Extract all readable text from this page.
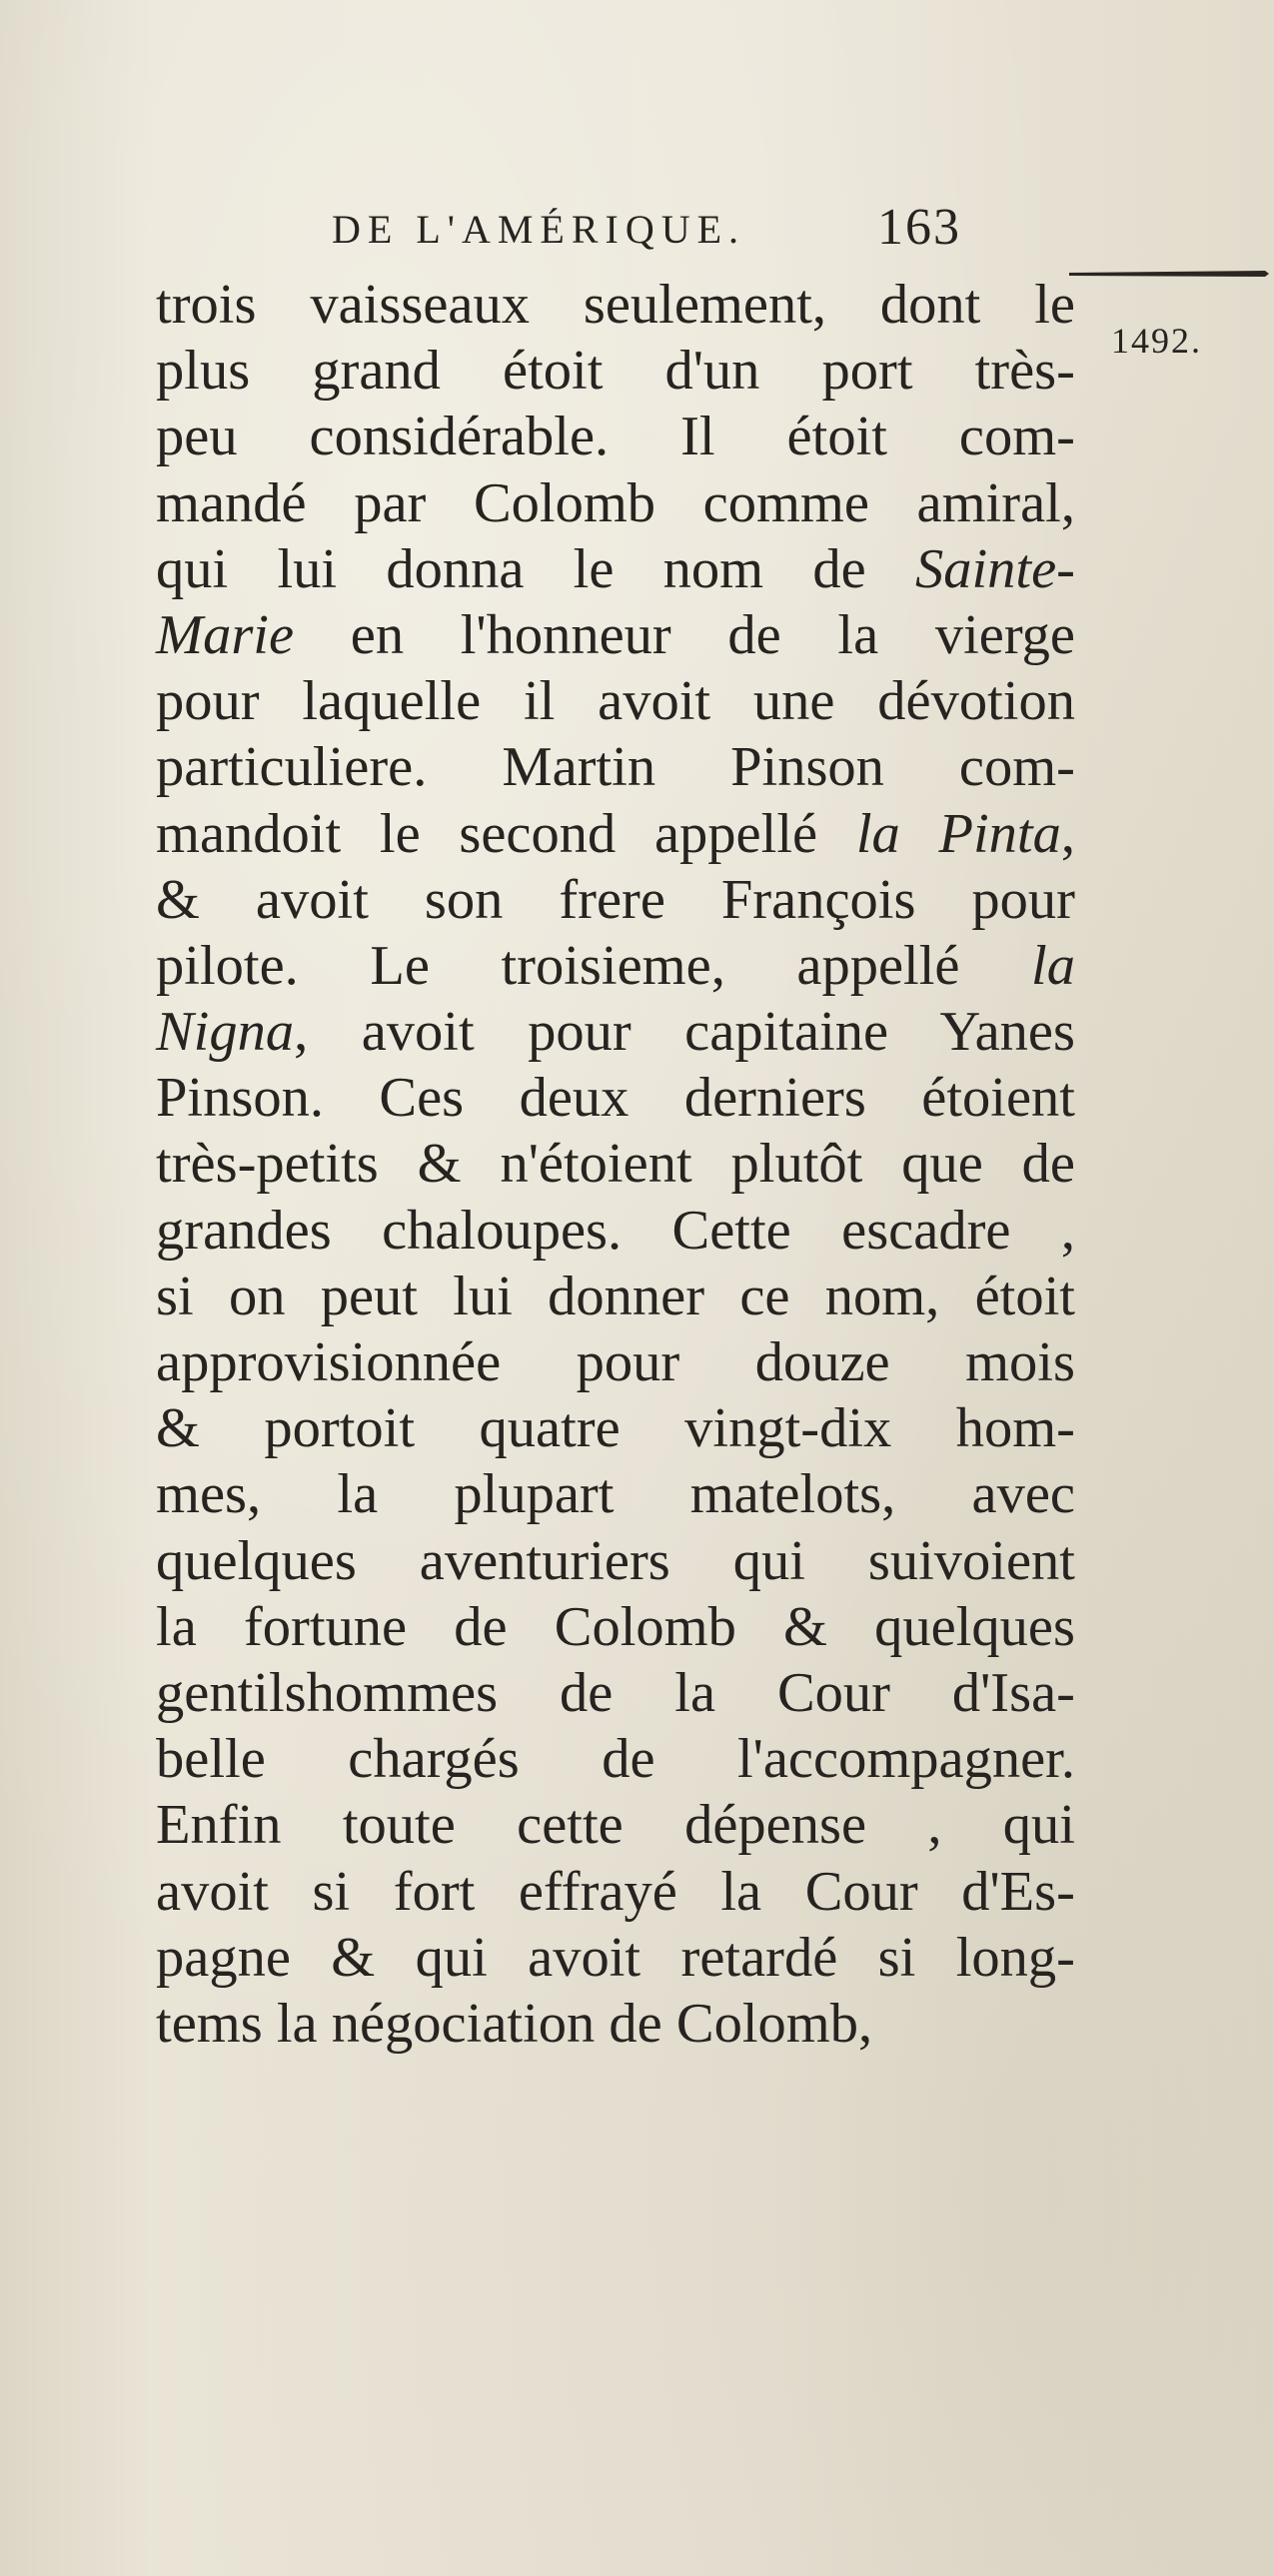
DE L'AMÉRIQUE.	163
1492.
trois vaisseaux seulement, dont le
plus grand étoit d'un port très-
peu considérable. Il étoit com-
mandé par Colomb comme amiral,
qui lui donna le nom de Sainte-
Marie en l'honneur de la vierge
pour laquelle il avoit une dévotion
particuliere. Martin Pinson com-
mandoit le second appellé la Pinta,
& avoit son frere François pour
pilote. Le troisieme, appellé la
Nigna, avoit pour capitaine Yanes
Pinson. Ces deux derniers étoient
très-petits & n'étoient plutôt que de
grandes chaloupes. Cette escadre ,
si on peut lui donner ce nom, étoit
approvisionnée pour douze mois
& portoit quatre vingt-dix hom-
mes, la plupart matelots, avec
quelques aventuriers qui suivoient
la fortune de Colomb & quelques
gentilshommes de la Cour d'Isa-
belle chargés de l'accompagner.
Enfin toute cette dépense , qui
avoit si fort effrayé la Cour d'Es-
pagne & qui avoit retardé si long-
tems la négociation de Colomb,
